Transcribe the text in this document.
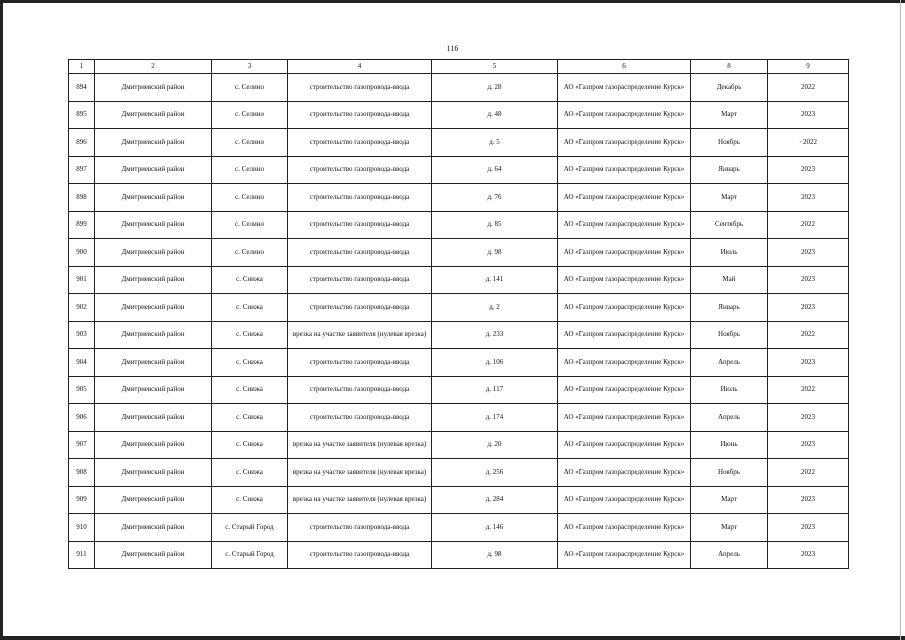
116
1	2	3	4	5	6	8	9
894	Дмитриевский район	с. Селино	строительство газопровода-ввода	д. 28	АО «Газпром газораспределение Курск»	Декабрь	2022
895	Дмитриевский район	с. Селино	строительство газопровода-ввода	д. 48	АО «Газпром газораспределение Курск»	Март	2023
896	Дмитриевский район	с. Селино	строительство газопровода-ввода	д. 5	АО «Газпром газораспределение Курск»	Ноябрь	· 2022
897	Дмитриевский район	с. Селино	строительство газопровода-ввода	д. 64	АО «Газпром газораспределение Курск»	Январь	2023
898	Дмитриевский район	с. Селино	строительство газопровода-ввода	д. 76	АО «Газпром газораспределение Курск»	Март	2023
899	Дмитриевский район	с. Селино	строительство газопровода-ввода	д. 85	АО «Газпром газораспределение Курск»	Сентябрь	2022
900	Дмитриевский район	с. Селино	строительство газопровода-ввода	д. 98	АО «Газпром газораспределение Курск»	Июль	2023
901	Дмитриевский район	с. Снижа	строительство газопровода-ввода	д. 141	АО «Газпром газораспределение Курск»	Май	2023
902	Дмитриевский район	с. Снижа	строительство газопровода-ввода	д. 2	АО «Газпром газораспределение Курск»	Январь	2023
903	Дмитриевский район	с. Снижа	врезка на участке заявителя (нулевая врезка)	д. 233	АО «Газпром газораспределение Курск»	Ноябрь	2022
904	Дмитриевский район	с. Снижа	строительство газопровода-ввода	д. 106	АО «Газпром газораспределение Курск»	Апрель	2023
905	Дмитриевский район	с. Снижа	строительство газопровода-ввода	д. 117	АО «Газпром газораспределение Курск»	Июль	2022
906	Дмитриевский район	с. Снижа	строительство газопровода-ввода	д. 174	АО «Газпром газораспределение Курск»	Апрель	2023
907	Дмитриевский район	с. Снижа	врезка на участке заявителя (нулевая врезка)	д. 20	АО «Газпром газораспределение Курск»	Июнь	2023
908	Дмитриевский район	с. Снижа	врезка на участке заявителя (нулевая врезка)	д. 256	АО «Газпром газораспределение Курск»	Ноябрь	2022
909	Дмитриевский район	с. Снижа	врезка на участке заявителя (нулевая врезка)	д. 284	АО «Газпром газораспределение Курск»	Март	2023
910	Дмитриевский район	с. Старый Город	строительство газопровода-ввода	д. 146	АО «Газпром газораспределение Курск»	Март	2023
911	Дмитриевский район	с. Старый Город	строительство газопровода-ввода	д. 98	АО «Газпром газораспределение Курск»	Апрель	2023
